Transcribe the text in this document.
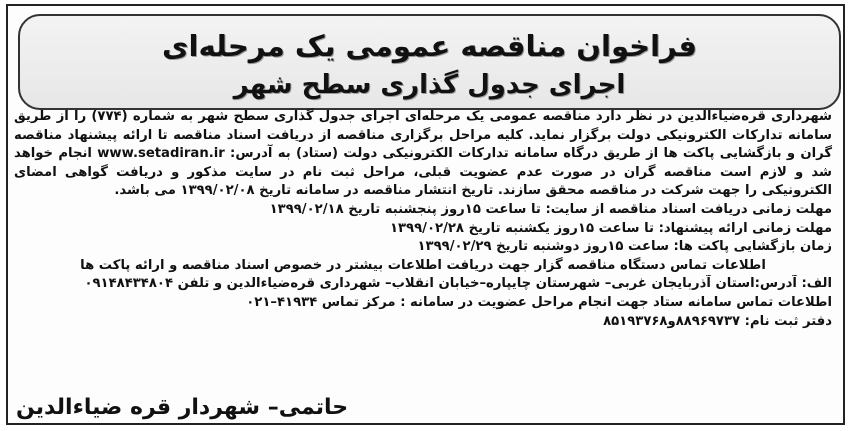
فراخوان مناقصه عمومی یک مرحله‌ای
اجرای جدول گذاری سطح شهر

شهرداری قره‌ضیاءالدین در نظر دارد مناقصه عمومی یک مرحله‌ای اجرای جدول گذاری سطح شهر به شماره (۷۷۴) را از طریق سامانه تدارکات الکترونیکی دولت برگزار نماید. کلیه مراحل برگزاری مناقصه از دریافت اسناد مناقصه تا ارائه پیشنهاد مناقصه گران و بازگشایی پاکت ها از طریق درگاه سامانه تدارکات الکترونیکی دولت (ستاد) به آدرس: www.setadiran.ir انجام خواهد شد و لازم است مناقصه گران در صورت عدم عضویت قبلی، مراحل ثبت نام در سایت مذکور و دریافت گواهی امضای الکترونیکی را جهت شرکت در مناقصه محقق سازند. تاریخ انتشار مناقصه در سامانه تاریخ ۱۳۹۹/۰۲/۰۸ می باشد.

مهلت زمانی دریافت اسناد مناقصه از سایت: تا ساعت ۱۵روز پنجشنبه تاریخ ۱۳۹۹/۰۲/۱۸

مهلت زمانی ارائه پیشنهاد: تا ساعت ۱۵روز یکشنبه تاریخ ۱۳۹۹/۰۲/۲۸

زمان بازگشایی پاکت ها: ساعت ۱۵روز دوشنبه تاریخ ۱۳۹۹/۰۲/۲۹

اطلاعات تماس دستگاه مناقصه گزار جهت دریافت اطلاعات بیشتر در خصوص اسناد مناقصه و ارائه پاکت ها

الف: آدرس:استان آذربایجان غربی– شهرستان چایپاره–خیابان انقلاب– شهرداری قره‌ضیاءالدین و تلفن ۰۹۱۴۸۴۳۴۸۰۴

اطلاعات تماس سامانه ستاد جهت انجام مراحل عضویت در سامانه : مرکز تماس ۴۱۹۳۴–۰۲۱

دفتر ثبت نام: ۸۸۹۶۹۷۳۷و۸۵۱۹۳۷۶۸

حاتمی– شهردار قره ضیاءالدین
